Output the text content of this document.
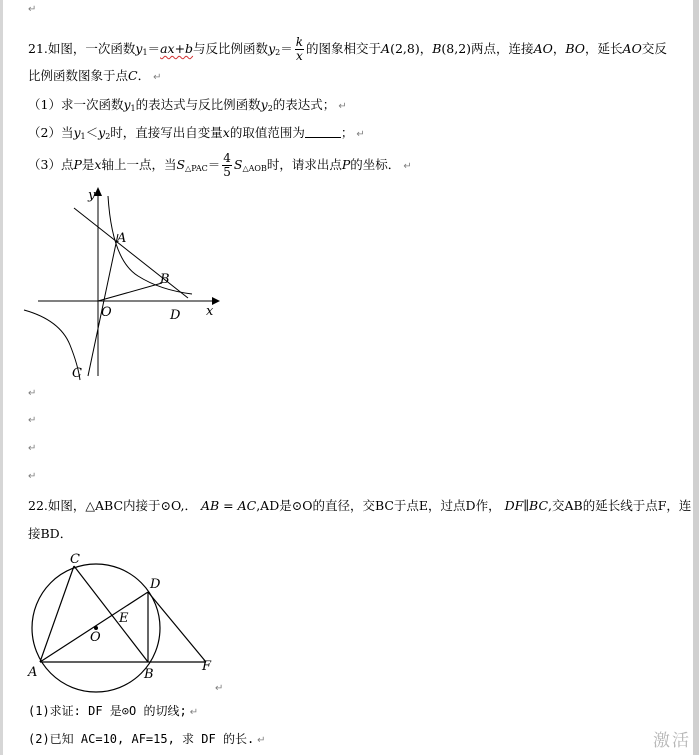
↵
21.如图，一次函数$y_1=ax+b$与反比例函数$y_2= \frac{k}{x}$ 的图象相交于A(2,8)，B(8,2)两点，连接AO，BO，延长AO交反
比例函数图象于点C． ↵
（1）求一次函数$y_1$的表达式与反比例函数$y_2$的表达式； ↵
（2）当$y_1<y_2$时，直接写出自变量x的取值范围为	； ↵
（3）点P是x轴上一点，当$S_{\triangle PAC}= \frac{4}{5} S_{\triangle AOB}$时，请求出点P的坐标． ↵
y
A
B
O	D x
C
↵
↵
↵
↵
22.如图，△ABC内接于⊙O,． AB = AC,AD是⊙O的直径，交BC于点E，过点D作， DF∥BC,交AB的延长线于点F，连
接BD．
C
D
E
O
A	B
F
↵
(1)求证: DF 是⊙O 的切线; ↵
(2)已知 AC=10, AF=15, 求 DF 的长. ↵	激活
